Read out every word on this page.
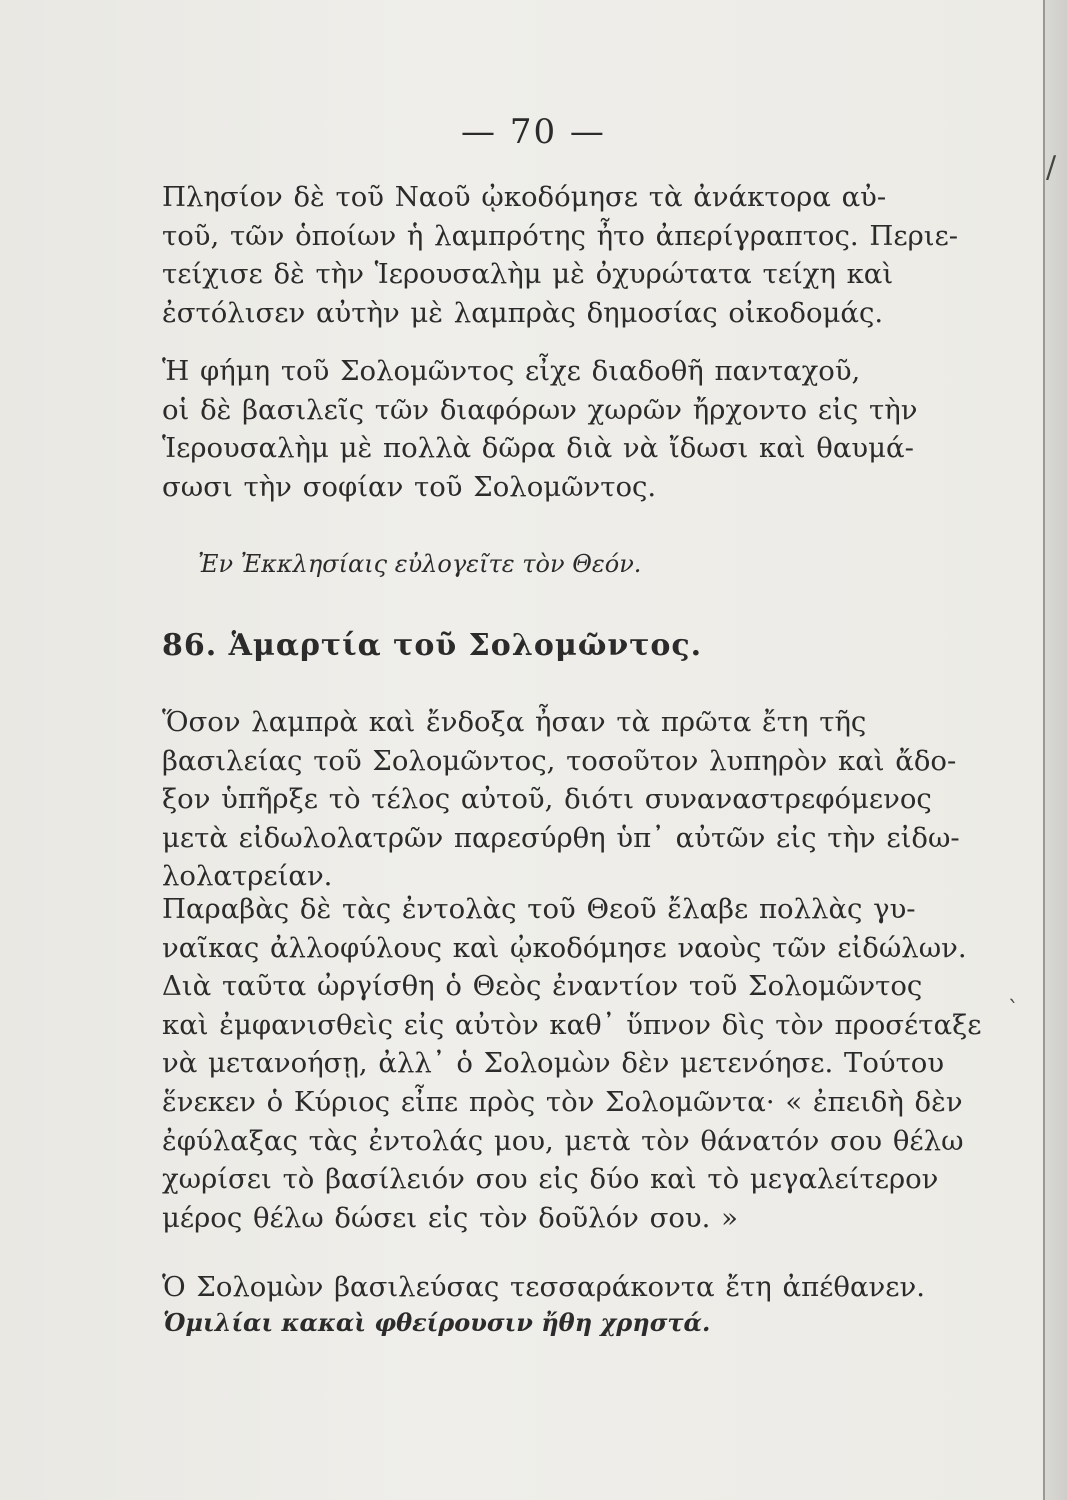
— 70 —
Πλησίον δὲ τοῦ Ναοῦ ᾠκοδόμησε τὰ ἀνάκτορα αὐ-
τοῦ, τῶν ὁποίων ἡ λαμπρότης ἦτο ἀπερίγραπτος. Περιε-
τείχισε δὲ τὴν Ἱερουσαλὴμ μὲ ὀχυρώτατα τείχη καὶ
ἐστόλισεν αὐτὴν μὲ λαμπρὰς δημοσίας οἰκοδομάς.
Ἡ φήμη τοῦ Σολομῶντος εἶχε διαδοθῆ πανταχοῦ,
οἱ δὲ βασιλεῖς τῶν διαφόρων χωρῶν ἤρχοντο εἰς τὴν
Ἱερουσαλὴμ μὲ πολλὰ δῶρα διὰ νὰ ἴδωσι καὶ θαυμά-
σωσι τὴν σοφίαν τοῦ Σολομῶντος.
Ἐν Ἐκκλησίαις εὐλογεῖτε τὸν Θεόν.
86. Ἁμαρτία τοῦ Σολομῶντος.
Ὅσον λαμπρὰ καὶ ἔνδοξα ἦσαν τὰ πρῶτα ἔτη τῆς
βασιλείας τοῦ Σολομῶντος, τοσοῦτον λυπηρὸν καὶ ἄδο-
ξον ὑπῆρξε τὸ τέλος αὐτοῦ, διότι συναναστρεφόμενος
μετὰ εἰδωλολατρῶν παρεσύρθη ὑπ᾿ αὐτῶν εἰς τὴν εἰδω-
λολατρείαν.
Παραβὰς δὲ τὰς ἐντολὰς τοῦ Θεοῦ ἔλαβε πολλὰς γυ-
ναῖκας ἀλλοφύλους καὶ ᾠκοδόμησε ναοὺς τῶν εἰδώλων.
Διὰ ταῦτα ὠργίσθη ὁ Θεὸς ἐναντίον τοῦ Σολομῶντος
καὶ ἐμφανισθεὶς εἰς αὐτὸν καθ᾿ ὕπνον δὶς τὸν προσέταξε
νὰ μετανοήσῃ, ἀλλ᾿ ὁ Σολομὼν δὲν μετενόησε. Τούτου
ἕνεκεν ὁ Κύριος εἶπε πρὸς τὸν Σολομῶντα· « ἐπειδὴ δὲν
ἐφύλαξας τὰς ἐντολάς μου, μετὰ τὸν θάνατόν σου θέλω
χωρίσει τὸ βασίλειόν σου εἰς δύο καὶ τὸ μεγαλείτερον
μέρος θέλω δώσει εἰς τὸν δοῦλόν σου. »
Ὁ Σολομὼν βασιλεύσας τεσσαράκοντα ἔτη ἀπέθανεν.
Ὁμιλίαι κακαὶ φθείρουσιν ἤθη χρηστά.
ˋ
/
